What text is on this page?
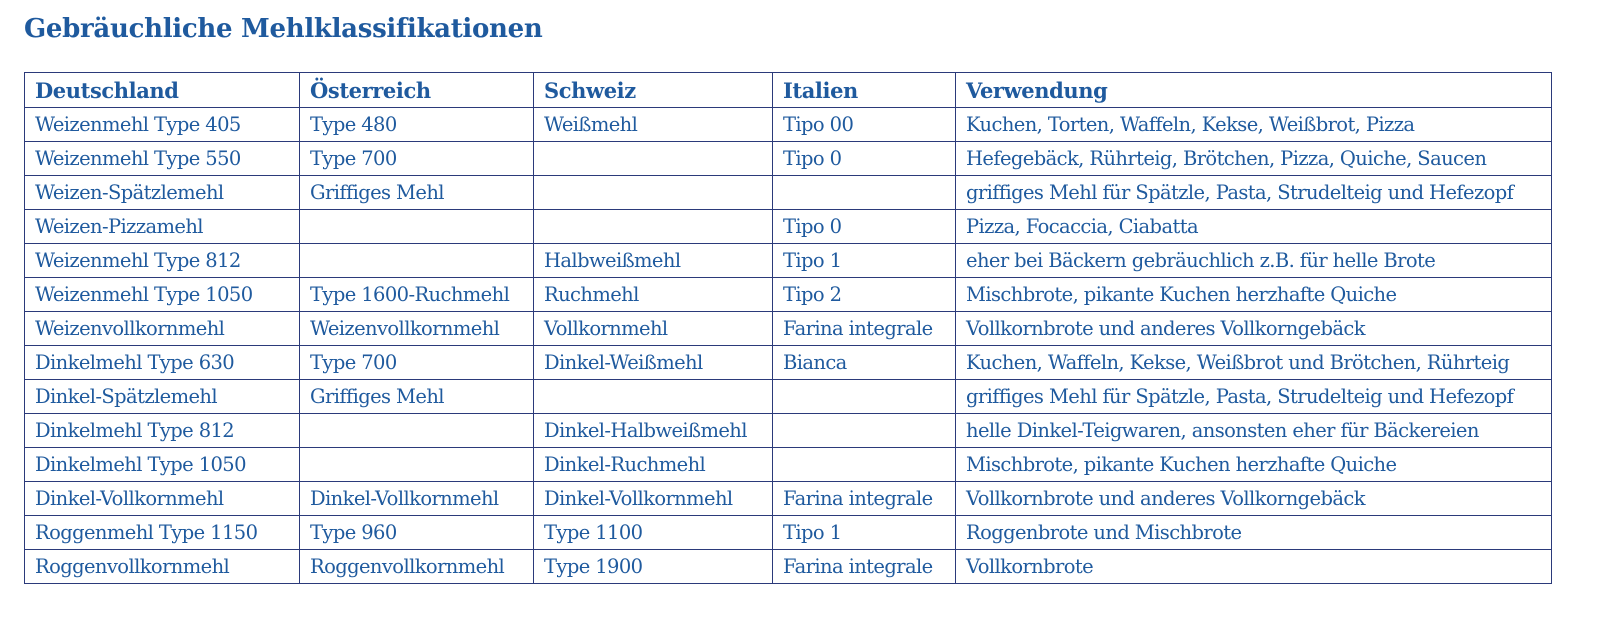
Gebräuchliche Mehlklassifikationen
Deutschland	Österreich	Schweiz	Italien	Verwendung
Weizenmehl Type 405	Type 480	Weißmehl	Tipo 00	Kuchen, Torten, Waffeln, Kekse, Weißbrot, Pizza
Weizenmehl Type 550	Type 700		Tipo 0	Hefegebäck, Rührteig, Brötchen, Pizza, Quiche, Saucen
Weizen-Spätzlemehl	Griffiges Mehl			griffiges Mehl für Spätzle, Pasta, Strudelteig und Hefezopf
Weizen-Pizzamehl			Tipo 0	Pizza, Focaccia, Ciabatta
Weizenmehl Type 812		Halbweißmehl	Tipo 1	eher bei Bäckern gebräuchlich z.B. für helle Brote
Weizenmehl Type 1050	Type 1600-Ruchmehl	Ruchmehl	Tipo 2	Mischbrote, pikante Kuchen herzhafte Quiche
Weizenvollkornmehl	Weizenvollkornmehl	Vollkornmehl	Farina integrale	Vollkornbrote und anderes Vollkorngebäck
Dinkelmehl Type 630	Type 700	Dinkel-Weißmehl	Bianca	Kuchen, Waffeln, Kekse, Weißbrot und Brötchen, Rührteig
Dinkel-Spätzlemehl	Griffiges Mehl			griffiges Mehl für Spätzle, Pasta, Strudelteig und Hefezopf
Dinkelmehl Type 812		Dinkel-Halbweißmehl		helle Dinkel-Teigwaren, ansonsten eher für Bäckereien
Dinkelmehl Type 1050		Dinkel-Ruchmehl		Mischbrote, pikante Kuchen herzhafte Quiche
Dinkel-Vollkornmehl	Dinkel-Vollkornmehl	Dinkel-Vollkornmehl	Farina integrale	Vollkornbrote und anderes Vollkorngebäck
Roggenmehl Type 1150	Type 960	Type 1100	Tipo 1	Roggenbrote und Mischbrote
Roggenvollkornmehl	Roggenvollkornmehl	Type 1900	Farina integrale	Vollkornbrote
